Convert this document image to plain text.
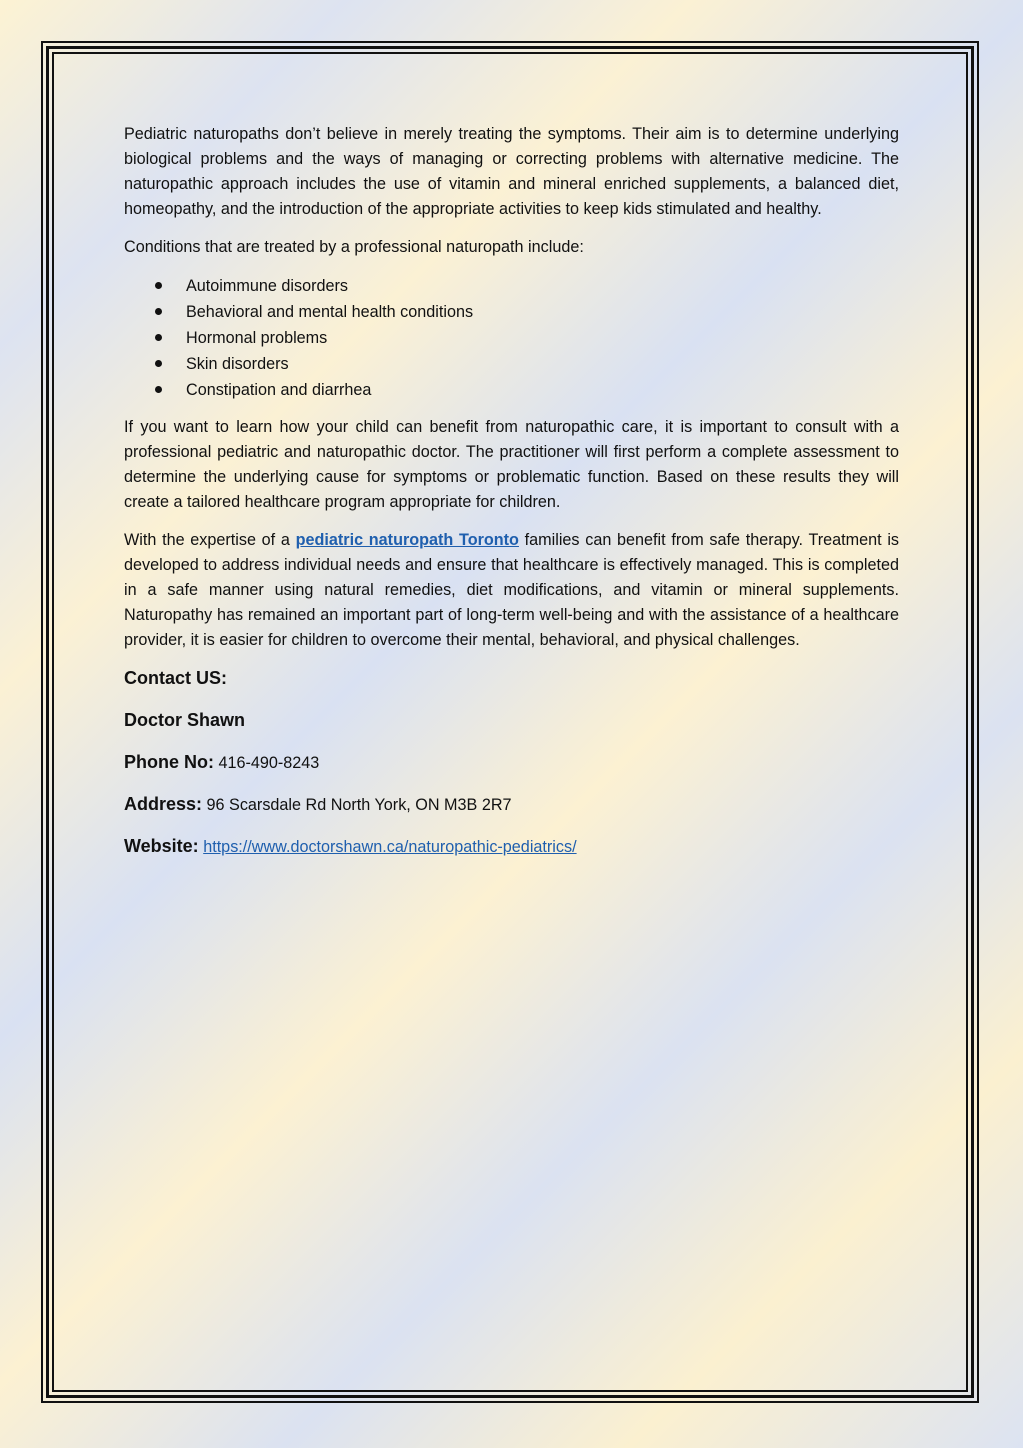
Pediatric naturopaths don’t believe in merely treating the symptoms. Their aim is to determine underlying biological problems and the ways of managing or correcting problems with alternative medicine. The naturopathic approach includes the use of vitamin and mineral enriched supplements, a balanced diet, homeopathy, and the introduction of the appropriate activities to keep kids stimulated and healthy.

Conditions that are treated by a professional naturopath include:

Autoimmune disorders
Behavioral and mental health conditions
Hormonal problems
Skin disorders
Constipation and diarrhea

If you want to learn how your child can benefit from naturopathic care, it is important to consult with a professional pediatric and naturopathic doctor. The practitioner will first perform a complete assessment to determine the underlying cause for symptoms or problematic function. Based on these results they will create a tailored healthcare program appropriate for children.

With the expertise of a pediatric naturopath Toronto families can benefit from safe therapy. Treatment is developed to address individual needs and ensure that healthcare is effectively managed. This is completed in a safe manner using natural remedies, diet modifications, and vitamin or mineral supplements. Naturopathy has remained an important part of long-term well-being and with the assistance of a healthcare provider, it is easier for children to overcome their mental, behavioral, and physical challenges.

Contact US:

Doctor Shawn

Phone No: 416-490-8243

Address: 96 Scarsdale Rd North York, ON M3B 2R7

Website: https://www.doctorshawn.ca/naturopathic-pediatrics/
